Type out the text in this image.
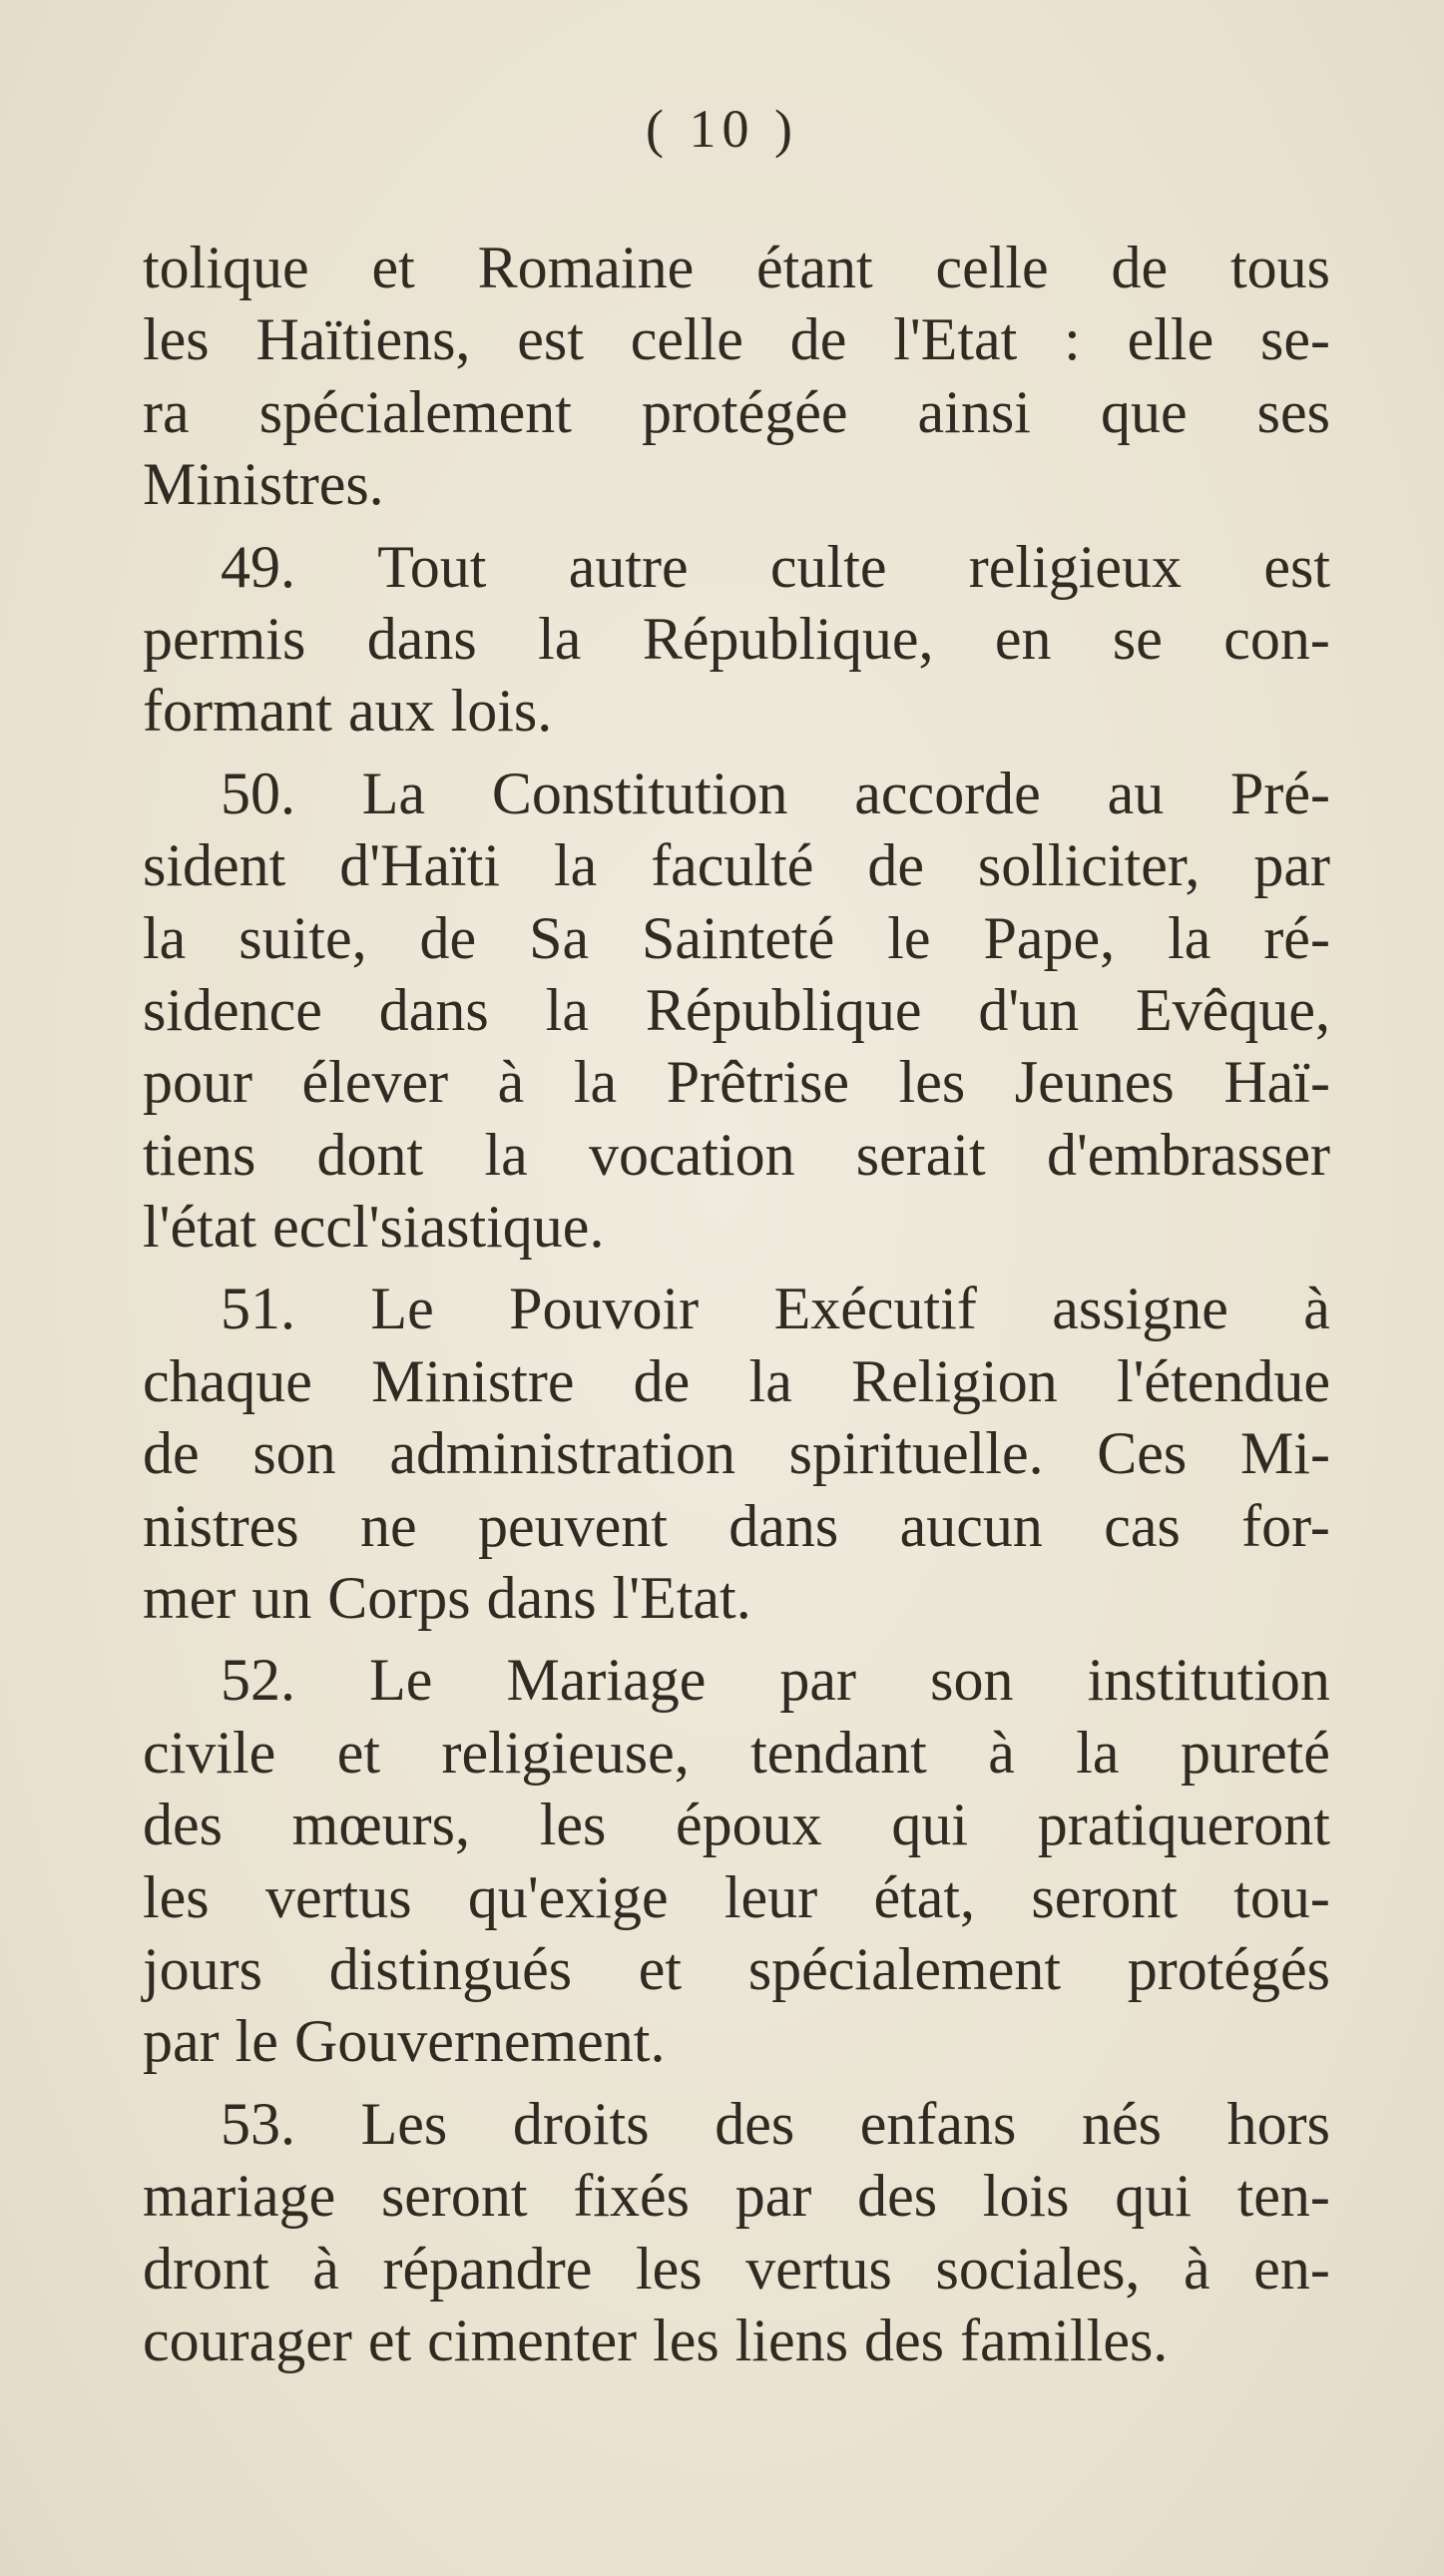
( 10 )
tolique et Romaine étant celle de tous
les Haïtiens, est celle de l'Etat : elle se-
ra spécialement protégée ainsi que ses
Ministres.
49. Tout autre culte religieux est
permis dans la République, en se con-
formant aux lois.
50. La Constitution accorde au Pré-
sident d'Haïti la faculté de solliciter, par
la suite, de Sa Sainteté le Pape, la ré-
sidence dans la République d'un Evêque,
pour élever à la Prêtrise les Jeunes Haï-
tiens dont la vocation serait d'embrasser
l'état eccl'siastique.
51. Le Pouvoir Exécutif assigne à
chaque Ministre de la Religion l'étendue
de son administration spirituelle. Ces Mi-
nistres ne peuvent dans aucun cas for-
mer un Corps dans l'Etat.
52. Le Mariage par son institution
civile et religieuse, tendant à la pureté
des mœurs, les époux qui pratiqueront
les vertus qu'exige leur état, seront tou-
jours distingués et spécialement protégés
par le Gouvernement.
53. Les droits des enfans nés hors
mariage seront fixés par des lois qui ten-
dront à répandre les vertus sociales, à en-
courager et cimenter les liens des familles.
